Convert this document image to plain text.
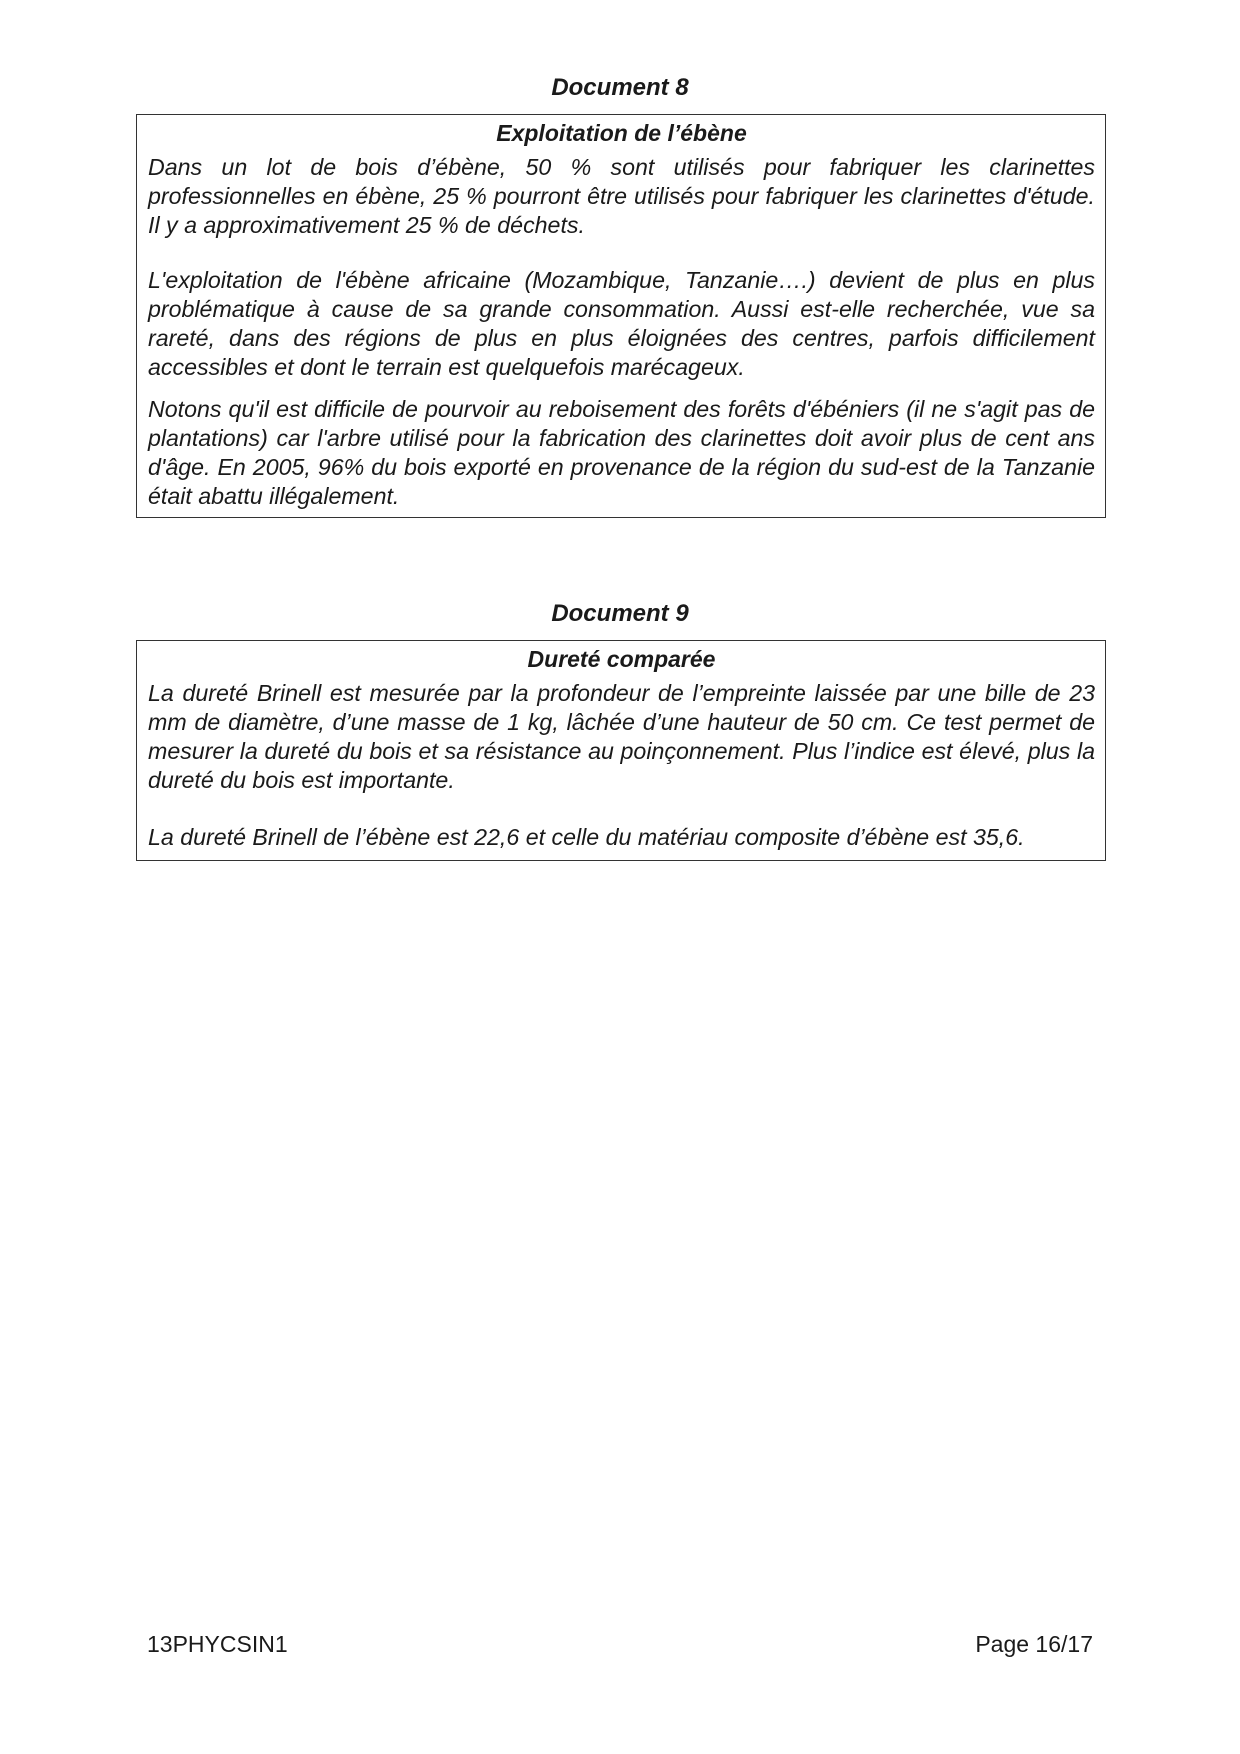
Document 8
Exploitation de l’ébène

Dans un lot de bois d’ébène, 50 % sont utilisés pour fabriquer les clarinettes professionnelles en ébène, 25 % pourront être utilisés pour fabriquer les clarinettes d'étude. Il y a approximativement 25 % de déchets.

L'exploitation de l'ébène africaine (Mozambique, Tanzanie….) devient de plus en plus problématique à cause de sa grande consommation. Aussi est-elle recherchée, vue sa rareté, dans des régions de plus en plus éloignées des centres, parfois difficilement accessibles et dont le terrain est quelquefois marécageux.

Notons qu'il est difficile de pourvoir au reboisement des forêts d'ébéniers (il ne s'agit pas de plantations) car l'arbre utilisé pour la fabrication des clarinettes doit avoir plus de cent ans d'âge. En 2005, 96% du bois exporté en provenance de la région du sud-est de la Tanzanie était abattu illégalement.

Document 9
Dureté comparée

La dureté Brinell est mesurée par la profondeur de l’empreinte laissée par une bille de 23 mm de diamètre, d’une masse de 1 kg, lâchée d’une hauteur de 50 cm. Ce test permet de mesurer la dureté du bois et sa résistance au poinçonnement. Plus l’indice est élevé, plus la dureté du bois est importante.

La dureté Brinell de l’ébène est 22,6 et celle du matériau composite d’ébène est 35,6.

13PHYCSIN1	Page 16/17
